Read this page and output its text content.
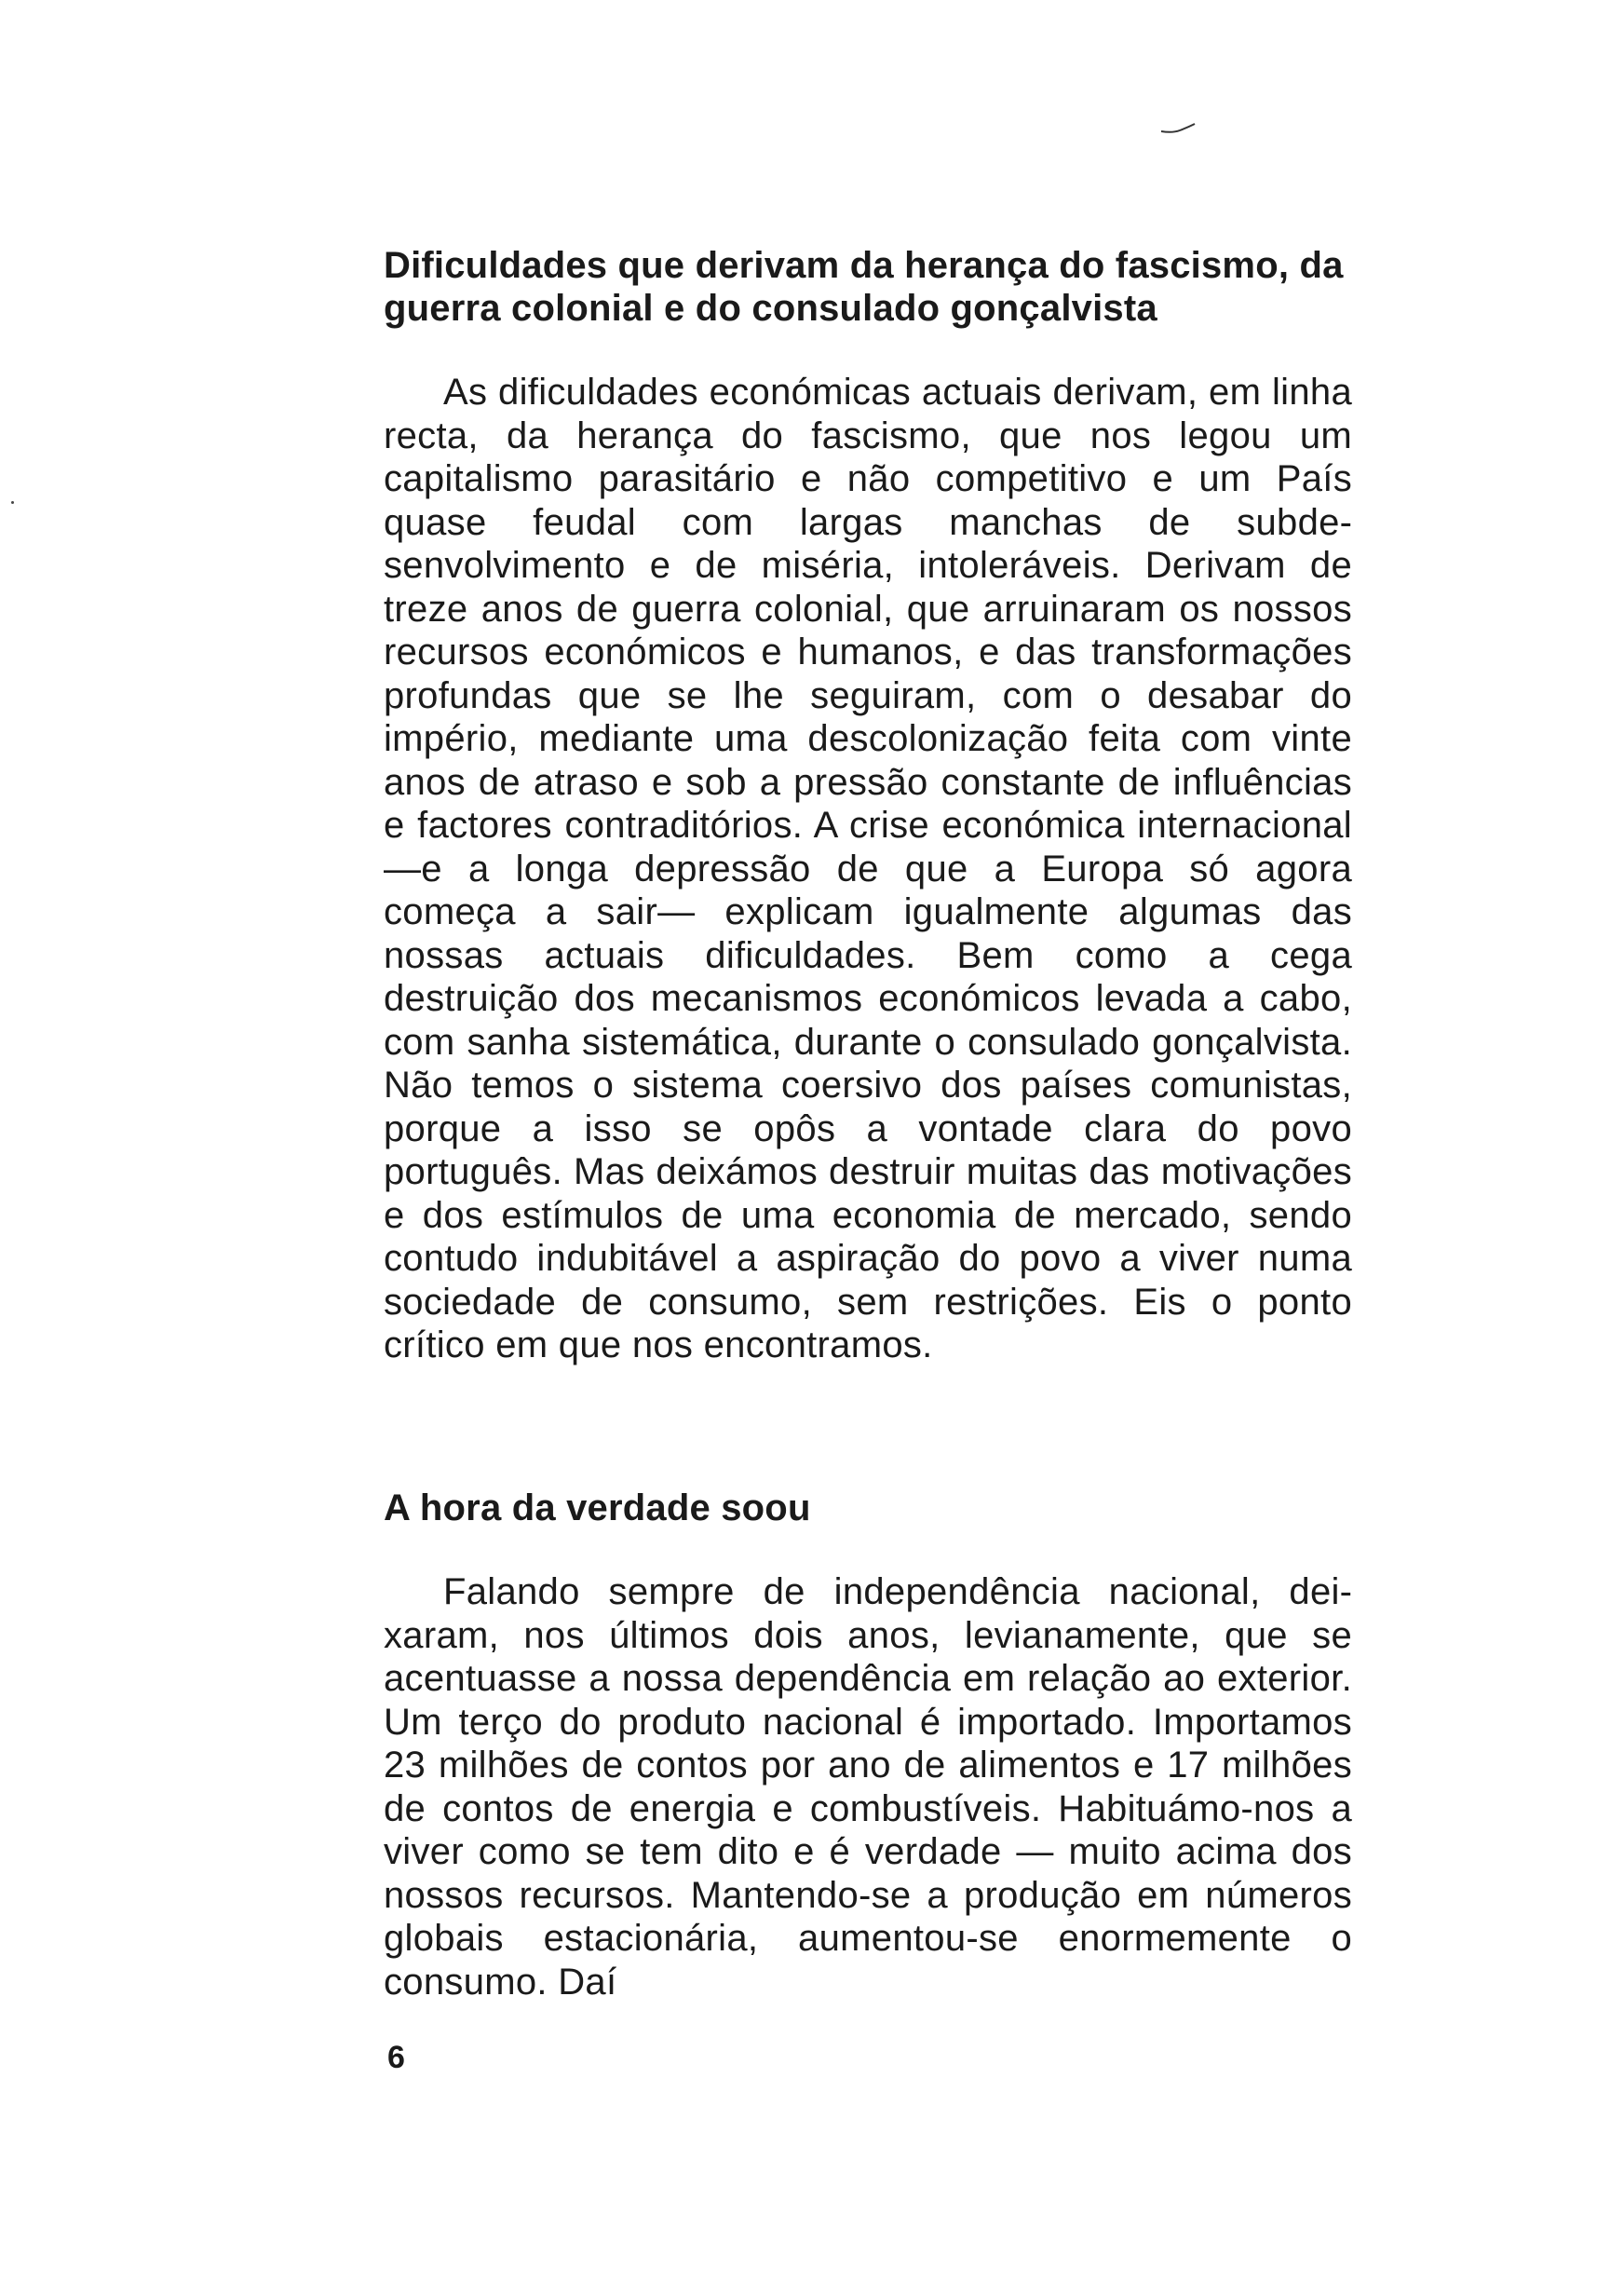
Dificuldades que derivam da herança do fascismo, da guerra colonial e do consulado gonçalvista

As dificuldades económicas actuais derivam, em linha recta, da herança do fascismo, que nos legou um capitalismo parasitário e não competitivo e um País quase feudal com largas manchas de subdesenvolvimento e de miséria, intoleráveis. Derivam de treze anos de guerra colonial, que arruinaram os nossos recursos económicos e humanos, e das transformações profundas que se lhe seguiram, com o desabar do império, mediante uma descolonização feita com vinte anos de atraso e sob a pressão constante de influências e factores contraditórios. A crise económica internacional —e a longa depressão de que a Europa só agora começa a sair— explicam igualmente algumas das nossas actuais dificuldades. Bem como a cega destruição dos mecanismos económicos levada a cabo, com sanha sistemática, durante o consulado gonçalvista. Não temos o sistema coersivo dos países comunistas, porque a isso se opôs a vontade clara do povo português. Mas deixámos destruir muitas das motivações e dos estímulos de uma economia de mercado, sendo contudo indubitável a aspiração do povo a viver numa sociedade de consumo, sem restrições. Eis o ponto crítico em que nos encontramos.

A hora da verdade soou

Falando sempre de independência nacional, deixaram, nos últimos dois anos, levianamente, que se acentuasse a nossa dependência em relação ao exterior. Um terço do produto nacional é importado. Importamos 23 milhões de contos por ano de alimentos e 17 milhões de contos de energia e combustíveis. Habituámo-nos a viver como se tem dito e é verdade — muito acima dos nossos recursos. Mantendo-se a produção em números globais estacionária, aumentou-se enormemente o consumo. Daí

6
